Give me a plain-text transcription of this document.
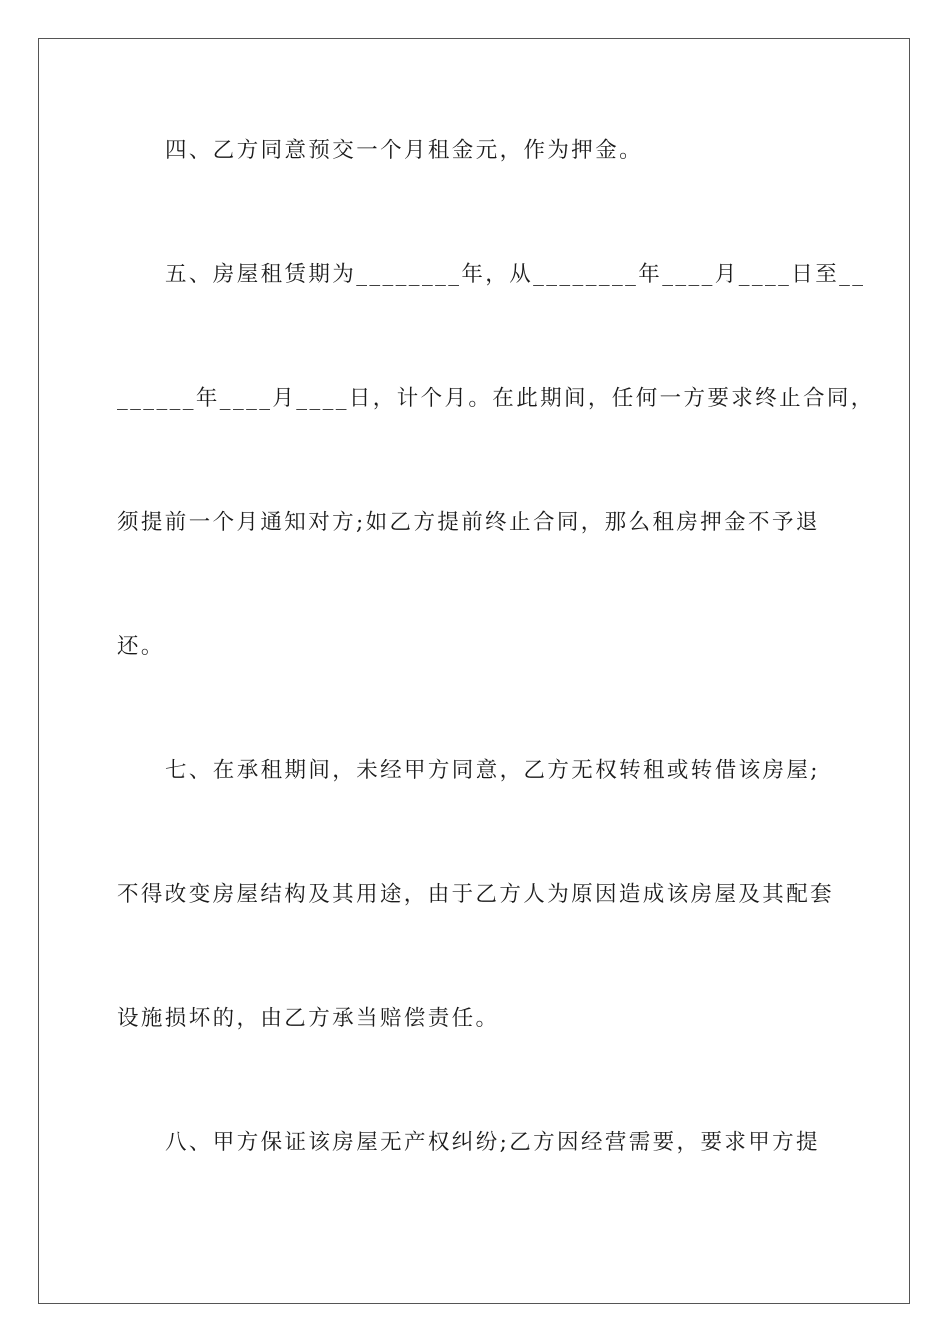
四、乙方同意预交一个月租金元，作为押金。
五、房屋租赁期为________年，从________年____月____日至__
______年____月____日，计个月。在此期间，任何一方要求终止合同，
须提前一个月通知对方;如乙方提前终止合同，那么租房押金不予退
还。
七、在承租期间，未经甲方同意，乙方无权转租或转借该房屋;
不得改变房屋结构及其用途，由于乙方人为原因造成该房屋及其配套
设施损坏的，由乙方承当赔偿责任。
八、甲方保证该房屋无产权纠纷;乙方因经营需要，要求甲方提
